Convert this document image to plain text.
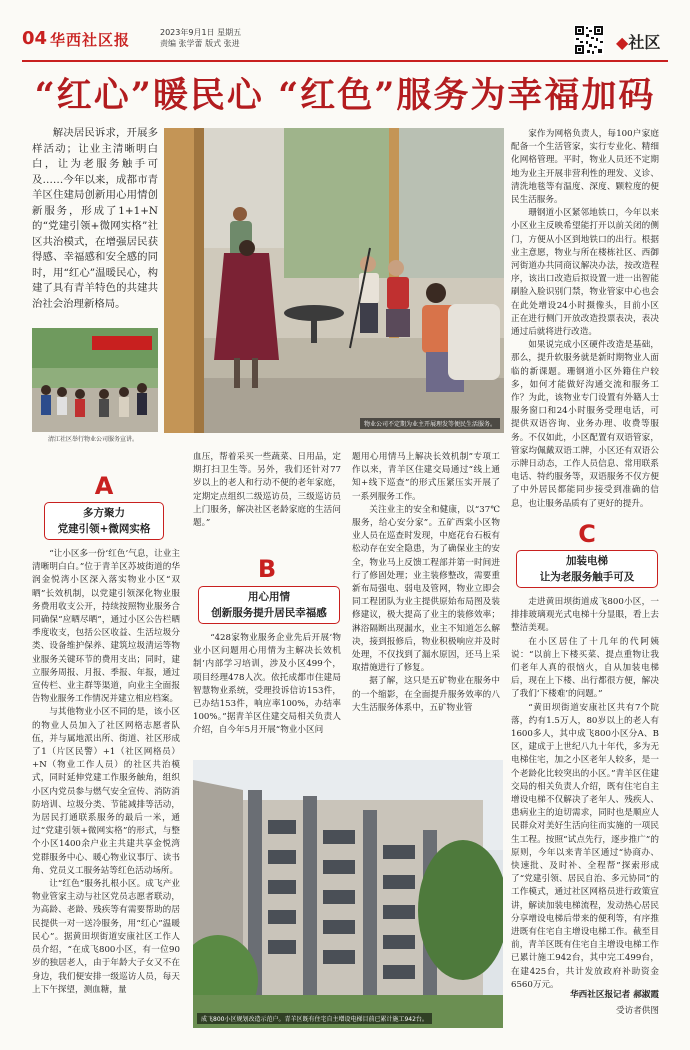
04 华西社区报	2023年9月1日 星期五
责编 张学蕾 版式 张进	◆社区
“红心”暖民心 “红色”服务为幸福加码

解决居民诉求，开展多样活动；让业主清晰明白白，让为老服务触手可及……今年以来，成都市青羊区住建局创新用心用情创新服务，形成了1+1+N的“党建引领+微网实格”社区共治模式，在增强居民获得感、幸福感和安全感的同时，用“红心”温暖民心，构建了具有青羊特色的共建共治社会治理新格局。

物业公司不定期为业主开展理发等便民生活服务。
清江社区举行物业公司服务宣讲。

家作为网格负责人，每100户家庭配备一个生活管家，实行专业化、精细化网格管理。平时，物业人员还不定期地为业主开展非营利性的理发、义诊、清洗地毯等有温度、深度、颗粒度的便民生活服务。

珊钢道小区紧邻地铁口，今年以来小区业主反映希望能打开以前关闭的侧门，方便从小区到地铁口的出行。根据业主意愿，物业与所在楼栋社区、西御河街道办共同商议解决办法，按改造程序，该出口改造后拟设置一进一出智能刷脸入脸识别门禁，物业管家中心也会在此处增设24小时摄像头，目前小区正在进行侧门开放改造投票表决，表决通过后就将进行改造。

如果说完成小区硬件改造是基础，那么，提升软服务就是新时期物业人面临的新课题。珊钢道小区外籍住户较多，如何才能做好沟通交流和服务工作？为此，该物业专门设置有外籍人士服务窗口和24小时服务受理电话，可提供双语咨询、业务办理、收费等服务。不仅如此，小区配置有双语管家，管家均佩戴双语工牌，小区还有双语公示牌日动态，工作人员信息、常用联系电话、特约服务等，双语服务不仅方便了中外居民都能同步接受到准确的信息，也让服务品质有了更好的提升。

A
多方聚力
党建引领+微网实格

“让小区多一份‘红色’气息，让业主清晰明白白。”位于青羊区苏坡街道的华润金悦湾小区深入落实物业小区“双晒”长效机制，以党建引领深化物业服务费用收支公开，持续按照物业服务合同确保“应晒尽晒”，通过小区公告栏晒季度收支，包括公区收益、生活垃圾分类、设备维护保养、建筑垃圾清运等物业服务关键环节的费用支出；同时，建立服务周报、月报、季报、年报，通过宣传栏、业主群等渠道，向业主全面报告物业服务工作情况并建立相应档案。

与其他物业小区不同的是，该小区的物业人员加入了社区网格志愿者队伍，并与属地派出所、街道、社区形成了1（片区民警）+1（社区网格员）+N（物业工作人员）的社区共治模式，同时延伸党建工作服务触角，组织小区内党员参与燃气安全宣传、消防消防培训、垃圾分类、节能减排等活动，为居民打通联系服务的最后一米，通过“党建引领+微网实格”的形式，与整个小区1400余户业主共建共享金悦湾党群服务中心、暖心物业议事厅、读书角、党员义工服务站等红色活动场所。

让“红色”服务扎根小区。成飞产业物业管家主动与社区党员志愿者联动，为高龄、老龄、残疾等有需要帮助的居民提供一对一送冷服务，用“红心”温暖民心”。据黄田坝街道安康社区工作人员介绍，“在成飞800小区，有一位90岁的独居老人，由于年龄大子女又不在身边，我们便安排一级巡访人员，每天上下午探望，测血糖，量

血压，帮着采买一些蔬菜、日用品，定期打扫卫生等。另外，我们还针对77岁以上的老人和行动不便的老年家庭，定期定点组织二级巡访员，三级巡访员上门服务，解决社区老龄家庭的生活问题。”

B
用心用情
创新服务提升居民幸福感

“428家物业服务企业先后开展‘物业小区问题用心用情为主解决长效机制’内部学习培训，涉及小区499个，项目经理478人次。依托成都市住建局智慧物业系统，受理投诉信访153件，已办结153件，响应率100%，办结率100%。”据青羊区住建交局相关负责人介绍，自今年5月开展“物业小区问

题用心用情马上解决长效机制”专项工作以来，青羊区住建交局通过“线上通知+线下巡查”的形式压紧压实开展了一系列服务工作。

关注业主的安全和健康，以“37℃服务，给心安分家”。五矿西棠小区物业人员在巡查时发现，中庭花台石板有松动存在安全隐患，为了确保业主的安全，物业马上反馈工程部并第一时间进行了修固处理；业主装修整改，需要重新布局强电、弱电及管网，物业立即会同工程团队为业主提供原始布局图及装修建议，极大提高了业主的装修效率；淋浴隔断出现漏水，业主不知道怎么解决，接到报修后，物业积极响应并及时处理，不仅找到了漏水原因，还马上采取措施进行了修复。

据了解，这只是五矿物业在服务中的一个缩影，在全面提升服务效率的八大生活服务体系中，五矿物业管

C
加装电梯
让为老服务触手可及

走进黄田坝街道成飞800小区，一排排玻璃观光式电梯十分显眼，看上去整洁美观。

在小区居住了十几年的代阿姨说：“以前上下楼买菜、提点重物让我们老年人真的很恼火，自从加装电梯后，现在上下楼、出行都很方便，解决了我们‘下楼难’的问题。”

“黄田坝街道安康社区共有7个院落，约有1.5万人，80岁以上的老人有1600多人，其中成飞800小区分A、B区，建成于上世纪八九十年代，多为无电梯住宅，加之小区老年人较多，是一个老龄化比较突出的小区。”青羊区住建交局的相关负责人介绍，既有住宅自主增设电梯不仅解决了老年人、残疾人、患病业主的迫切需求，同时也是顺应人民群众对美好生活向往而实施的一项民生工程。按照“试点先行，逐步推广”的原则，今年以来青羊区通过“协商办、快速批、及时补、全程帮”探索形成了“党建引领、居民自治、多元协同”的工作模式，通过社区网格员进行政策宣讲，解读加装电梯流程，发动热心居民分享增设电梯后带来的便利等，有序推进既有住宅自主增设电梯工作。截至目前，青羊区既有住宅自主增设电梯工作已累计施工942台，其中完工499台，在建425台，共计发放政府补助资金6560万元。

华西社区报记者 郝淑霞
受访者供图
成飞800小区规划改造示范户。青羊区既有住宅自主增设电梯目前已累计施工942台。
